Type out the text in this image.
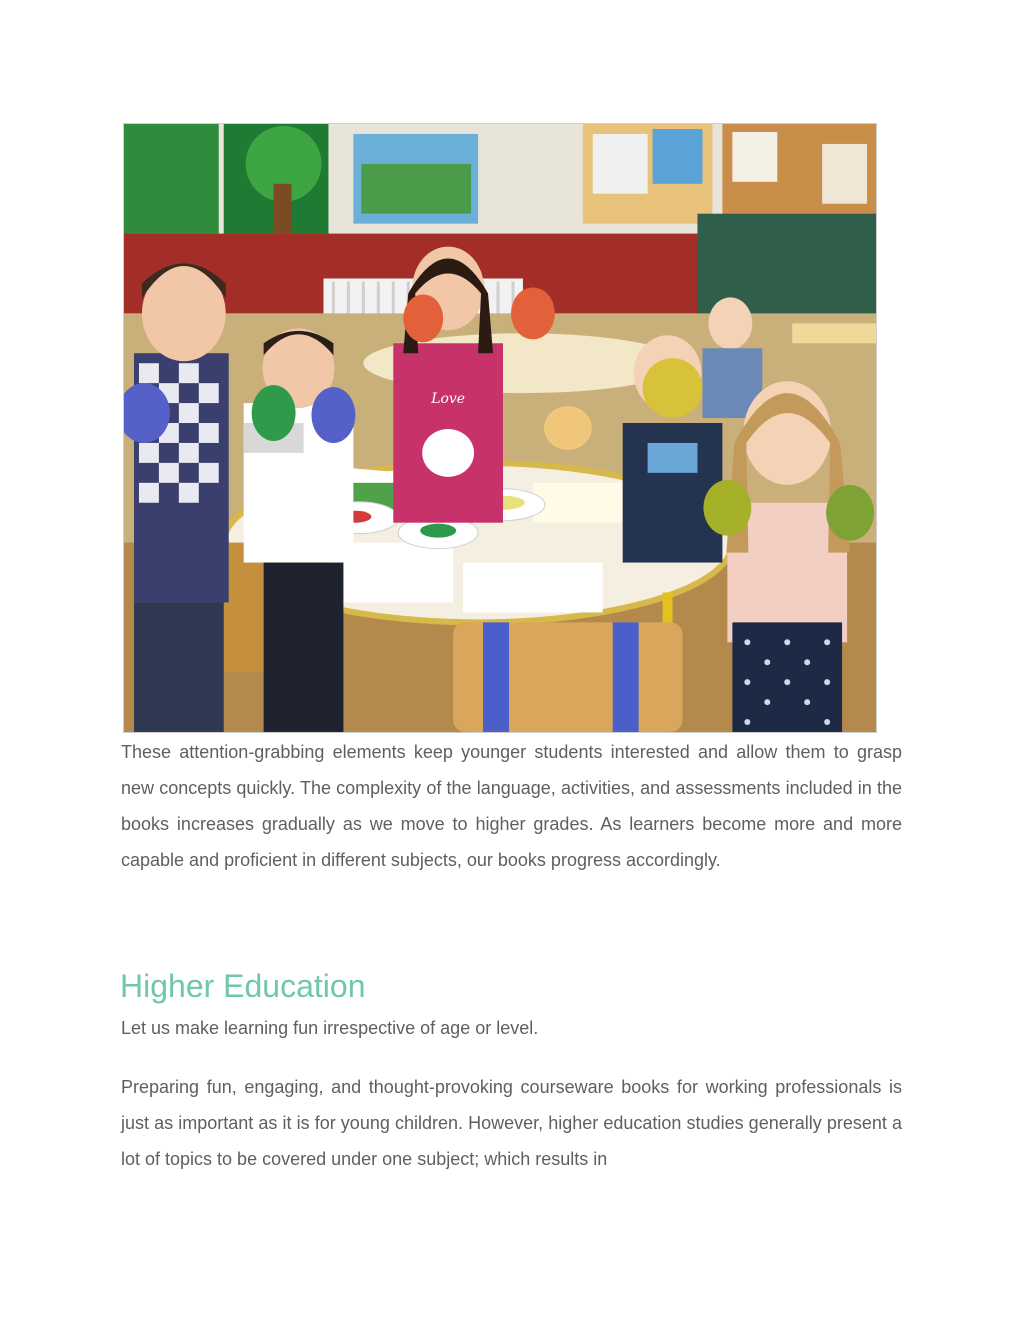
Love

These attention-grabbing elements keep younger students interested and allow them to grasp new concepts quickly. The complexity of the language, activities, and assessments included in the books increases gradually as we move to higher grades. As learners become more and more capable and proficient in different subjects, our books progress accordingly.

Higher Education

Let us make learning fun irrespective of age or level.

Preparing fun, engaging, and thought-provoking courseware books for working professionals is just as important as it is for young children. However, higher education studies generally present a lot of topics to be covered under one subject; which results in
